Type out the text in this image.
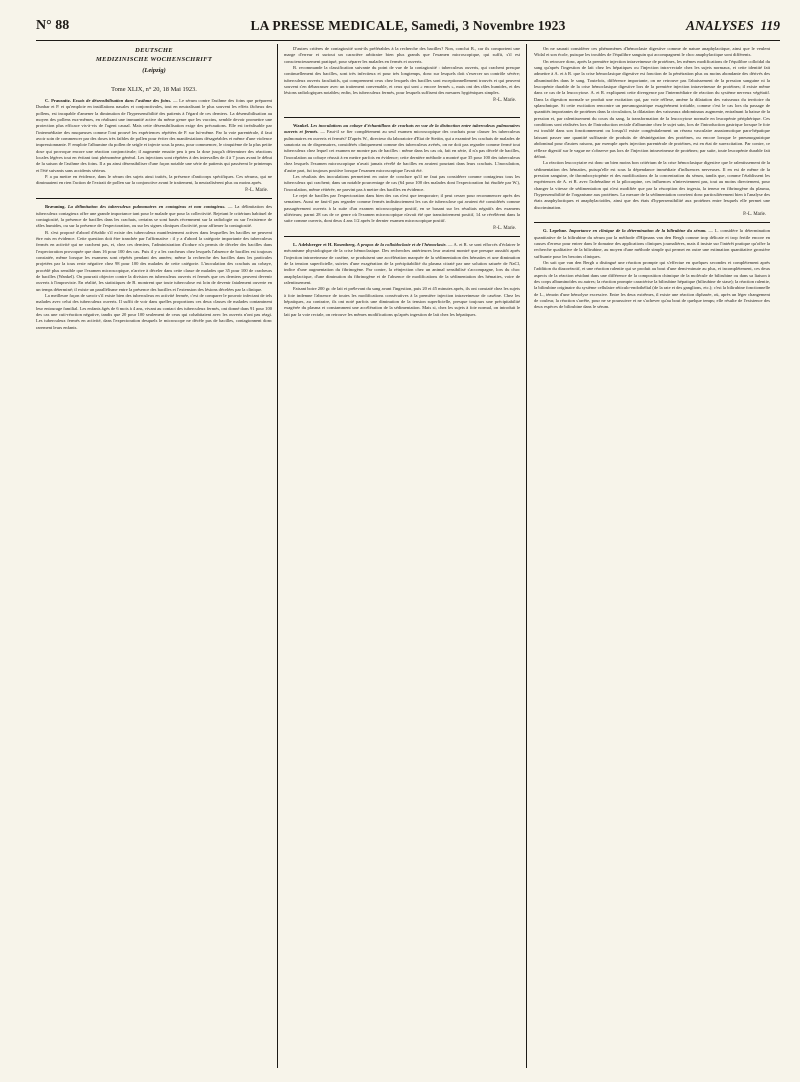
N° 88	LA PRESSE MEDICALE, Samedi, 3 Novembre 1923	ANALYSES 119
DEUTSCHE
MEDIZINISCHE WOCHENSCHRIFT
(Leipzig)
Tome XLIX, n° 20, 18 Mai 1923.

C. Prausnitz. Essais de désensibilisation dans l'asthme des foins. — Le sérum contre l'asthme des foins que préparent Dunbar et P. et qu'emploie en instillations nasales et conjonctivales, tout en neutralisant le plus souvent les effets fâcheux des pollens, est incapable d'amener la diminution de l'hypersensibilité des patients à l'égard de ces derniers. La désensibilisation au moyen des pollens eux-mêmes, en réalisant une immunité active du même genre que les vaccins, semble devoir promettre une protection plus efficace vis-à-vis de l'agent causal. Mais cette désensibilisation exige des précautions. Elle est irréalisable par l'intermédiaire des muqueuses comme l'ont prouvé les expériences répétées de P. sur lui-même. Par la voie parentérale, il faut avoir soin de commencer par des doses très faibles de pollen pour éviter des manifestations désagréables et même d'une violence impressionnante. P. emploie l'albumine du pollen de seigle et injecte sous la peau, pour commencer, le cinquième de la plus petite dose qui provoque encore une réaction conjonctivale; il augmente ensuite peu à peu la dose jusqu'à déterminer des réactions locales légères tout en évitant tout phénomène général. Les injections sont répétées à des intervalles de 4 à 7 jours avant le début de la saison de l'asthme des foins. Il a pu ainsi désensibiliser d'une façon notable une série de patients qui passèrent le printemps et l'été suivants sans accidents sérieux.

P. a pu mettre en évidence, dans le sérum des sujets ainsi traités, la présence d'anticorps spécifiques. Ces sérums, qui ne diminuaient en rien l'action de l'extrait de pollen sur la conjonctive avant le traitement, la neutralisèrent plus ou moins après.

P.-L. Marie.

Bræuning. La délimitation des tuberculeux pulmonaires en contagieux et non contagieux. — La délimitation des tuberculeux contagieux offre une grande importance tant pour le malade que pour la collectivité. Rejetant le critérium habituel de contagiosité, la présence de bacilles dans les crachats, certains se sont basés récemment sur la radiologie ou sur l'existence de râles humides, ou sur la présence de l'expectoration, ou sur les signes cliniques d'activité, pour affirmer la contagiosité.

B. s'est proposé d'abord d'établir s'il existe des tuberculeux manifestement actives dans lesquelles les bacilles ne peuvent être mis en évidence. Cette question doit être tranchée par l'affirmative : il y a d'abord la catégorie importante des tuberculeux fermés en activité qui ne crachent pas, et, chez ces derniers, l'administration d'iodure n'a permis de déceler des bacilles dans l'expectoration provoquée que dans 16 pour 100 des cas. Puis il y a les cracheurs chez lesquels l'absence de bacilles est toujours constatée, même lorsque les examens sont répétés pendant des années; même la recherche des bacilles dans les particules projetées par la toux reste négative chez 98 pour 100 des malades de cette catégorie. L'inoculation des crachats au cobaye, procédé plus sensible que l'examen microscopique, n'arrive à déceler dans cette classe de malades que 35 pour 100 de cracheurs de bacilles (Wankel). On pourrait objecter contre la division en tuberculeux ouverts et fermés que ces derniers peuvent devenir ouverts à l'improviste. En réalité, les statistiques de B. montrent que toute tuberculose est loin de devenir fatalement ouverte en un temps déterminé; il existe un parallélisme entre la présence des bacilles et l'extension des lésions décelées par la clinique.

La meilleure façon de savoir s'il existe bien des tuberculeux en activité fermée, c'est de comparer le pouvoir infectant de tels malades avec celui des tuberculeux ouverts. Il suffit de voir dans quelles proportions ces deux classes de malades contaminent leur entourage familial. Les enfants âgés de 6 mois à 4 ans, vivant au contact des tuberculeux fermés, ont donné dans 91 pour 100 des cas une cuti-réaction négative, tandis que 20 pour 100 seulement de ceux qui cohabitaient avec les ouverts n'ont pas réagi. Les tuberculeux fermés en activité, dans l'expectoration desquels le microscope ne décèle pas de bacilles, contagionnent donc rarement leurs enfants.

D'autres critères de contagiosité sont-ils préférables à la recherche des bacilles? Non, conclut B., car ils comportent une marge d'erreur et surtout un caractère arbitraire bien plus grands que l'examen microscopique, qui suffit, s'il est consciencieusement pratiqué, pour séparer les malades en fermés et ouverts.

B. recommande la classification suivante du point de vue de la contagiosité : tuberculeux ouverts, qui crachent presque continuellement des bacilles, sont très infectieux et pour très longtemps, donc sur lesquels doit s'exercer un contrôle sévère; tuberculeux ouverts facultatifs, qui comprennent ceux chez lesquels des bacilles sont exceptionnellement trouvés et qui peuvent souvent s'en débarrasser avec un traitement convenable, et ceux qui sont « encore fermés », mais ont des râles humides, et des lésions radiologiques notables; enfin, les tuberculeux fermés, pour lesquels suffisent des mesures hygiéniques simples.

P.-L. Marie.

Wankel. Les inoculations au cobaye d'échantillons de crachats en vue de la distinction entre tuberculeux pulmonaires ouverts et fermés. — Faut-il se fier complètement au seul examen microscopique des crachats pour classer les tuberculeux pulmonaires en ouverts et fermés? D'après W., directeur du laboratoire d'Etat de Stettin, qui a examiné les crachats de malades de sanatoria ou de dispensaires, considérés cliniquement comme des tuberculeux avérés, on ne doit pas regarder comme fermé tout tuberculeux chez lequel cet examen ne montre pas de bacilles : même dans les cas où, fait en série, il n'a pas décelé de bacilles, l'inoculation au cobaye réussit à en mettre parfois en évidence; cette dernière méthode a montré que 35 pour 100 des tuberculeux chez lesquels l'examen microscopique n'avait jamais révélé de bacilles en avaient pourtant dans leurs crachats. L'inoculation, d'autre part, fut toujours positive lorsque l'examen microscopique l'avait été.

Les résultats des inoculations permettent en outre de conclure qu'il ne faut pas considérer comme contagieux tous les tuberculeux qui crachent; dans un notable pourcentage de cas (64 pour 100 des malades dont l'expectoration fut étudiée par W.), l'inoculation, même réitérée, ne parvint pas à mettre des bacilles en évidence.

Le rejet de bacilles par l'expectoration dans bien des cas n'est que temporaire; il peut cesser pour recommencer après des semaines. Aussi ne faut-il pas regarder comme fermés indistinctement les cas de tuberculose qui avaient été considérés comme passagèrement ouverts à la suite d'un examen microscopique positif, en se basant sur les résultats négatifs des examens ultérieurs; parmi 28 cas de ce genre où l'examen microscopique n'avait été que transitoirement positif, 14 se révélèrent dans la suite comme ouverts, dont deux 4 ans 1/2 après le dernier examen microscopique positif.

P.-L. Marie.

L. Adelsberger et H. Rosenberg. A propos de la colloidoclasie et de l'hémoclasie. — A. et R. se sont efforcés d'éclairer le mécanisme physiologique de la crise hémoclasique. Des recherches antérieures leur avaient montré que presque aussitôt après l'injection intraveineuse de caséine, se produisent une accélération marquée de la sédimentation des hématies et une diminution de la tension superficielle, suivies d'une exagération de la précipitabilité du plasma citraté par une solution saturée de NaCl, indice d'une augmentation du fibrinogène. Par contre, la réinjection chez un animal sensibilisé s'accompagne, lors du choc anaphylactique, d'une diminution du fibrinogène et de l'absence de modifications de la sédimentation des hématies, voire de ralentissement.

Faisant boire 200 gr. de lait et prélevant du sang avant l'ingestion, puis 20 et 45 minutes après, ils ont constaté chez les sujets à foie indemne l'absence de toutes les modifications consécutives à la première injection intraveineuse de caséine. Chez les hépatiques, au contraire, ils ont noté parfois une diminution de la tension superficielle, presque toujours une précipitabilité exagérée du plasma et constamment une accélération de la sédimentation. Mais si, chez les sujets à foie normal, on introduit le lait par la voie rectale, on retrouve les mêmes modifications qu'après ingestion de lait chez les hépatiques.

On ne saurait considérer ces phénomènes d'hémoclasie digestive comme de nature anaphylactique, ainsi que le veulent Widal et son école, puisque les troubles de l'équilibre sanguin qui accompagnent le choc anaphylactique sont différents.

On retrouve donc, après la première injection intraveineuse de protéines, les mêmes modifications de l'équilibre colloïdal du sang qu'après l'ingestion de lait chez les hépatiques ou l'injection intra-rectale chez les sujets normaux, et cette identité fait admettre à A. et à R. que la crise hémoclasique digestive est fonction de la pénétration plus ou moins abondante des dérivés des albuminoïdes dans le sang. Toutefois, différence importante, on ne retrouve pas l'abaissement de la pression sanguine ni la leucopénie durable de la crise hémoclasique digestive lors de la première injection intraveineuse de protéines; il existe même dans ce cas de la leucocytose. A. et R. expliquent cette divergence par l'intermédiaire de réaction du système nerveux végétatif. Dans la digestion normale se produit une excitation qui, par voie réflexe, amène la dilatation des vaisseaux du territoire du splanchnique. Si cette excitation rencontre un pneumogastrique exagérément irritable, comme c'est le cas lors du passage de quantités importantes de protéines dans la circulation, la dilatation des vaisseaux abdominaux augmente, entraînant la baisse de la pression et, par ralentissement du cours du sang, la transformation de la leucocytose normale en leucopénie périphérique. Ces conditions sont réalisées lors de l'introduction rectale d'albumine chez le sujet sain, lors de l'introduction gastrique lorsque le foie est troublé dans son fonctionnement ou lorsqu'il existe congénitalement un réseau vasculaire anastomotique para-hépatique laissant passer une quantité suffisante de produits de désintégration des protéines, ou encore lorsque le pneumogastrique abdominal pour d'autres raisons, par exemple après injection parentérale de protéines, est en état de surexcitation. Par contre, ce réflexe digestif sur le vague ne s'observe pas lors de l'injection intraveineuse de protéines; par suite, toute leucopénie durable fait défaut.

La réaction leucocytaire est donc un bien moins bon critérium de la crise hémoclasique digestive que le ralentissement de la sédimentation des hématies, puisqu'elle est sous la dépendance immédiate d'influences nerveuses. Il en est de même de la pression sanguine, de thrombocytopénie et des modifications de la concentration du sérum, tandis que, comme l'établissent les expériences de A. et R. avec l'adrénaline et la pilocarpine, ces influences n'interviennent pas, tout au moins directement, pour changer la vitesse de sédimentation qui n'est modifiée que par la résorption des ingesta, la teneur en fibrinogène du plasma, l'hypersensibilité de l'organisme aux protéines. La mesure de la sédimentation convient donc particulièrement bien à l'analyse des états anaphylactiques et anaphylactoïdes, ainsi que des états d'hypersensibilité aux protéines entre lesquels elle permet une discrimination.

P.-L. Marie.

G. Lepehne. Importance en clinique de la détermination de la bilirubine du sérum. — L. considère la détermination quantitative de la bilirubine du sérum par la méthode d'Hijmans van den Bergh comme trop délicate et trop fertile encore en causes d'erreur pour entrer dans le domaine des applications cliniques journalières, mais il insiste sur l'intérêt pratique qu'offre la recherche qualitative de la bilirubine, au moyen d'une méthode simple qui permet en outre une estimation quantitative grossière suffisante pour les besoins cliniques.

On sait que van den Bergh a distingué une réaction prompte qui s'effectue en quelques secondes et complètement après l'addition du diazoréactif, et une réaction ralentie qui se produit au bout d'une demi-minute au plus, et incomplètement, ces deux aspects de la réaction résidant dans une différence de la composition chimique de la molécule de bilirubine ou dans sa liaison à des corps albuminoïdes ou autres; la réaction prompte caractérise la bilirubine hépatique (bilirubine de stase); la réaction ralentie, la bilirubine originaire du système cellulaire réticulo-endothélial (de la rate et des ganglions, etc.); c'est la bilirubine fonctionnelle de L., témoin d'une hémolyse excessive. Entre les deux extrêmes, il existe une réaction diphasée, où, après un léger changement de couleur, la réaction s'arrête, pour ne se poursuivre et ne s'achever qu'au bout de quelque temps; elle résulte de l'existence des deux espèces de bilirubine dans le sérum.
